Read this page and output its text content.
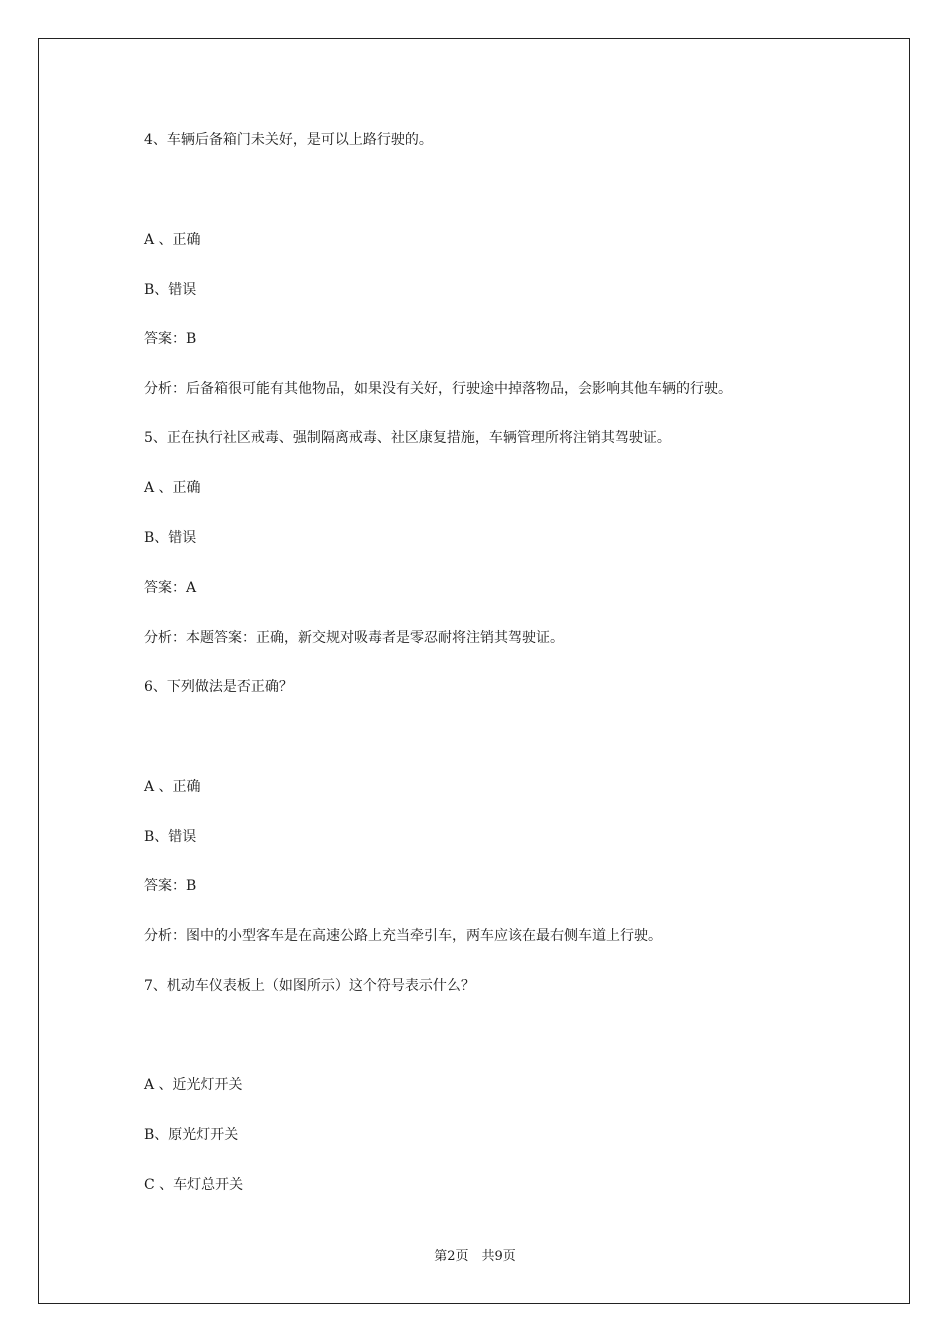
4、车辆后备箱门未关好，是可以上路行驶的。
A 、正确
B、错误
答案：B
分析：后备箱很可能有其他物品，如果没有关好，行驶途中掉落物品，会影响其他车辆的行驶。
5、正在执行社区戒毒、强制隔离戒毒、社区康复措施，车辆管理所将注销其驾驶证。
A 、正确
B、错误
答案：A
分析：本题答案：正确，新交规对吸毒者是零忍耐将注销其驾驶证。
6、下列做法是否正确？
A 、正确
B、错误
答案：B
分析：图中的小型客车是在高速公路上充当牵引车，两车应该在最右侧车道上行驶。
7、机动车仪表板上（如图所示）这个符号表示什么？
A 、近光灯开关
B、原光灯开关
C 、车灯总开关
第2页　共9页
